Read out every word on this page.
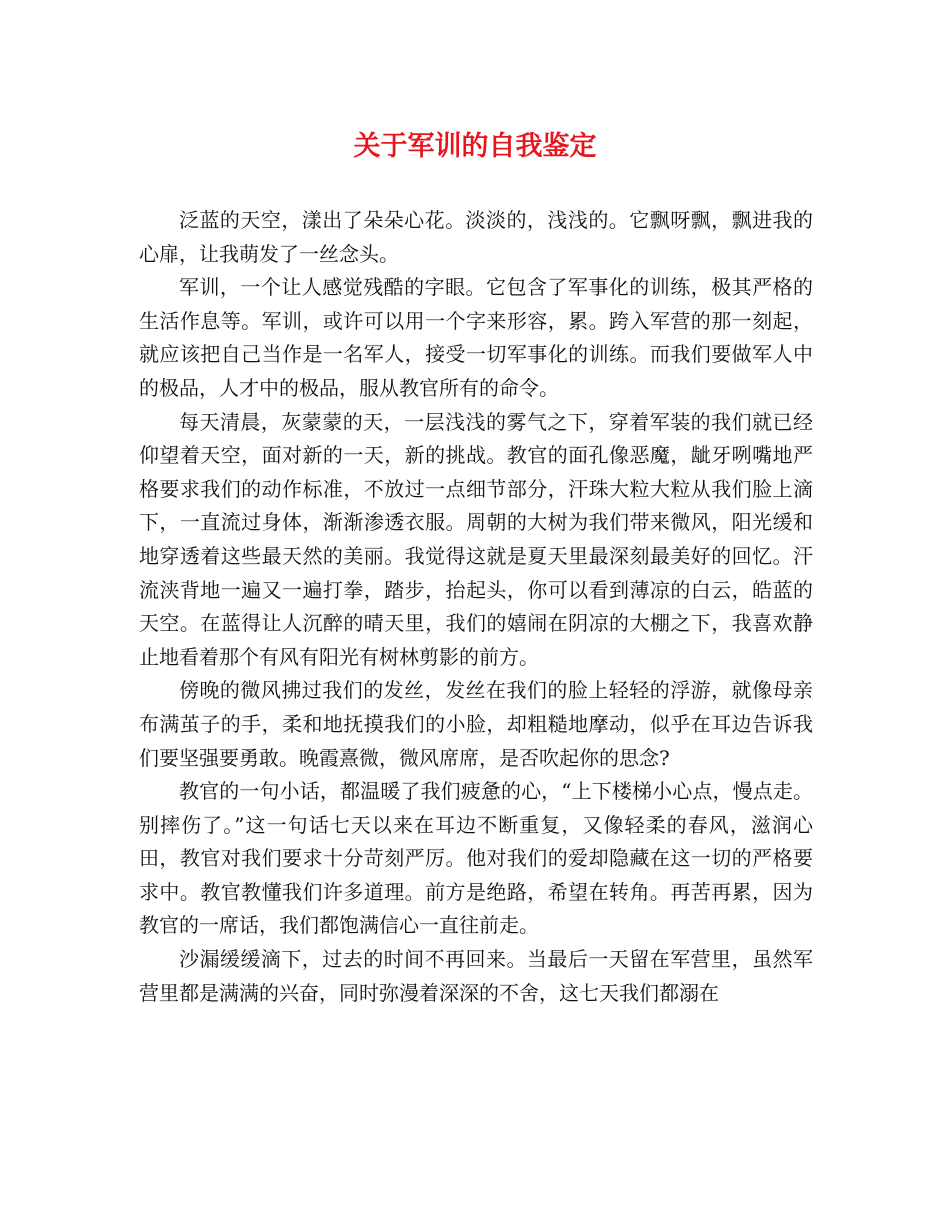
关于军训的自我鉴定

泛蓝的天空，漾出了朵朵心花。淡淡的，浅浅的。它飘呀飘，飘进我的心扉，让我萌发了一丝念头。

军训，一个让人感觉残酷的字眼。它包含了军事化的训练，极其严格的生活作息等。军训，或许可以用一个字来形容，累。跨入军营的那一刻起，就应该把自己当作是一名军人，接受一切军事化的训练。而我们要做军人中的极品，人才中的极品，服从教官所有的命令。

每天清晨，灰蒙蒙的天，一层浅浅的雾气之下，穿着军装的我们就已经仰望着天空，面对新的一天，新的挑战。教官的面孔像恶魔，龇牙咧嘴地严格要求我们的动作标准，不放过一点细节部分，汗珠大粒大粒从我们脸上滴下，一直流过身体，渐渐渗透衣服。周朝的大树为我们带来微风，阳光缓和地穿透着这些最天然的美丽。我觉得这就是夏天里最深刻最美好的回忆。汗流浃背地一遍又一遍打拳，踏步，抬起头，你可以看到薄凉的白云，皓蓝的天空。在蓝得让人沉醉的晴天里，我们的嬉闹在阴凉的大棚之下，我喜欢静止地看着那个有风有阳光有树林剪影的前方。

傍晚的微风拂过我们的发丝，发丝在我们的脸上轻轻的浮游，就像母亲布满茧子的手，柔和地抚摸我们的小脸，却粗糙地摩动，似乎在耳边告诉我们要坚强要勇敢。晚霞熹微，微风席席，是否吹起你的思念?

教官的一句小话，都温暖了我们疲惫的心，“上下楼梯小心点，慢点走。别摔伤了。”这一句话七天以来在耳边不断重复，又像轻柔的春风，滋润心田，教官对我们要求十分苛刻严厉。他对我们的爱却隐藏在这一切的严格要求中。教官教懂我们许多道理。前方是绝路，希望在转角。再苦再累，因为教官的一席话，我们都饱满信心一直往前走。

沙漏缓缓滴下，过去的时间不再回来。当最后一天留在军营里，虽然军营里都是满满的兴奋，同时弥漫着深深的不舍，这七天我们都溺在
